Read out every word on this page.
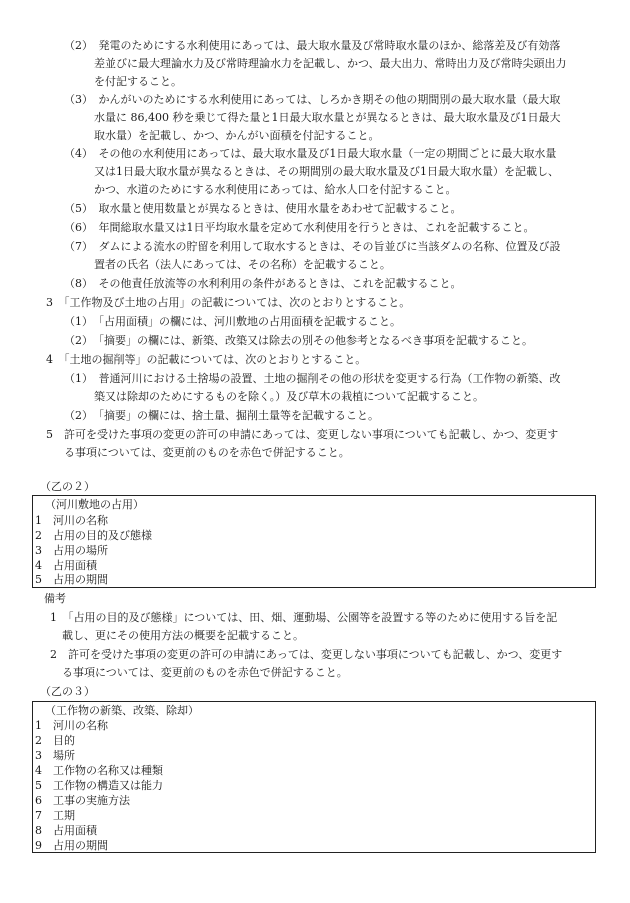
（2）　発電のためにする水利使用にあっては、最大取水量及び常時取水量のほか、総落差及び有効落
差並びに最大理論水力及び常時理論水力を記載し、かつ、最大出力、常時出力及び常時尖頭出力
を付記すること。
（3）　かんがいのためにする水利使用にあっては、しろかき期その他の期間別の最大取水量（最大取
水量に 86,400 秒を乗じて得た量と1日最大取水量とが異なるときは、最大取水量及び1日最大
取水量）を記載し、かつ、かんがい面積を付記すること。
（4）　その他の水利使用にあっては、最大取水量及び1日最大取水量（一定の期間ごとに最大取水量
又は1日最大取水量が異なるときは、その期間別の最大取水量及び1日最大取水量）を記載し、
かつ、水道のためにする水利使用にあっては、給水人口を付記すること。
（5）　取水量と使用数量とが異なるときは、使用水量をあわせて記載すること。
（6）　年間総取水量又は1日平均取水量を定めて水利使用を行うときは、これを記載すること。
（7）　ダムによる流水の貯留を利用して取水するときは、その旨並びに当該ダムの名称、位置及び設
置者の氏名（法人にあっては、その名称）を記載すること。
（8）　その他責任放流等の水利利用の条件があるときは、これを記載すること。
3　「工作物及び土地の占用」の記載については、次のとおりとすること。
（1）　「占用面積」の欄には、河川敷地の占用面積を記載すること。
（2）　「摘要」の欄には、新築、改築又は除去の別その他参考となるべき事項を記載すること。
4　「土地の掘削等」の記載については、次のとおりとすること。
（1）　普通河川における土捨場の設置、土地の掘削その他の形状を変更する行為（工作物の新築、改
築又は除却のためにするものを除く。）及び草木の栽植について記載すること。
（2）　「摘要」の欄には、捨土量、掘削土量等を記載すること。
5　許可を受けた事項の変更の許可の申請にあっては、変更しない事項についても記載し、かつ、変更す
る事項については、変更前のものを赤色で併記すること。
（乙の２）
（河川敷地の占用）
1　河川の名称
2　占用の目的及び態様
3　占用の場所
4　占用面積
5　占用の期間
備考
1　「占用の目的及び態様」については、田、畑、運動場、公園等を設置する等のために使用する旨を記
載し、更にその使用方法の概要を記載すること。
2　許可を受けた事項の変更の許可の申請にあっては、変更しない事項についても記載し、かつ、変更す
る事項については、変更前のものを赤色で併記すること。
（乙の３）
（工作物の新築、改築、除却）
1　河川の名称
2　目的
3　場所
4　工作物の名称又は種類
5　工作物の構造又は能力
6　工事の実施方法
7　工期
8　占用面積
9　占用の期間
